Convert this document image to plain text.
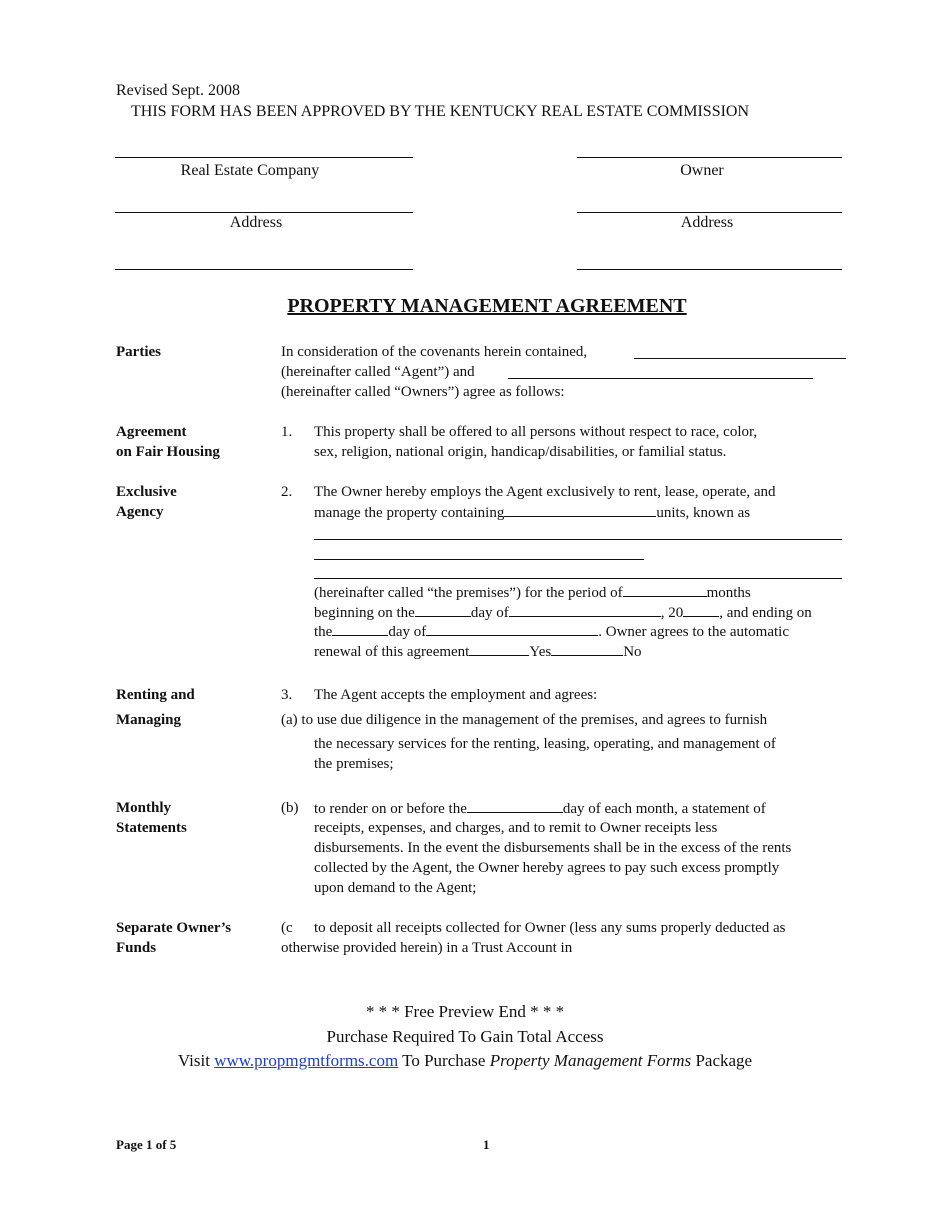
Revised Sept. 2008
THIS FORM HAS BEEN APPROVED BY THE KENTUCKY REAL ESTATE COMMISSION
Real Estate Company
Address
Owner
Address
PROPERTY MANAGEMENT AGREEMENT
Parties	In consideration of the covenants herein contained,
(hereinafter called “Agent”) and
(hereinafter called “Owners”) agree as follows:
Agreement
on Fair Housing
1. This property shall be offered to all persons without respect to race, color,
sex, religion, national origin, handicap/disabilities, or familial status.
Exclusive
Agency
2. The Owner hereby employs the Agent exclusively to rent, lease, operate, and
manage the property containing	units, known as
(hereinafter called “the premises”) for the period of	months
beginning on the	day of	, 20 , and ending on
the	day of	. Owner agrees to the automatic
renewal of this agreement	Yes	No
Renting and
Managing
3. The Agent accepts the employment and agrees:
(a) to use due diligence in the management of the premises, and agrees to furnish
the necessary services for the renting, leasing, operating, and management of
the premises;
Monthly
Statements
(b) to render on or before the	day of each month, a statement of
receipts, expenses, and charges, and to remit to Owner receipts less
disbursements. In the event the disbursements shall be in the excess of the rents
collected by the Agent, the Owner hereby agrees to pay such excess promptly
upon demand to the Agent;
Separate Owner’s
Funds
(c to deposit all receipts collected for Owner (less any sums properly deducted as
otherwise provided herein) in a Trust Account in
* * * Free Preview End * * *
Purchase Required To Gain Total Access
Visit www.propmgmtforms.com To Purchase Property Management Forms Package
Page 1 of 5	1
